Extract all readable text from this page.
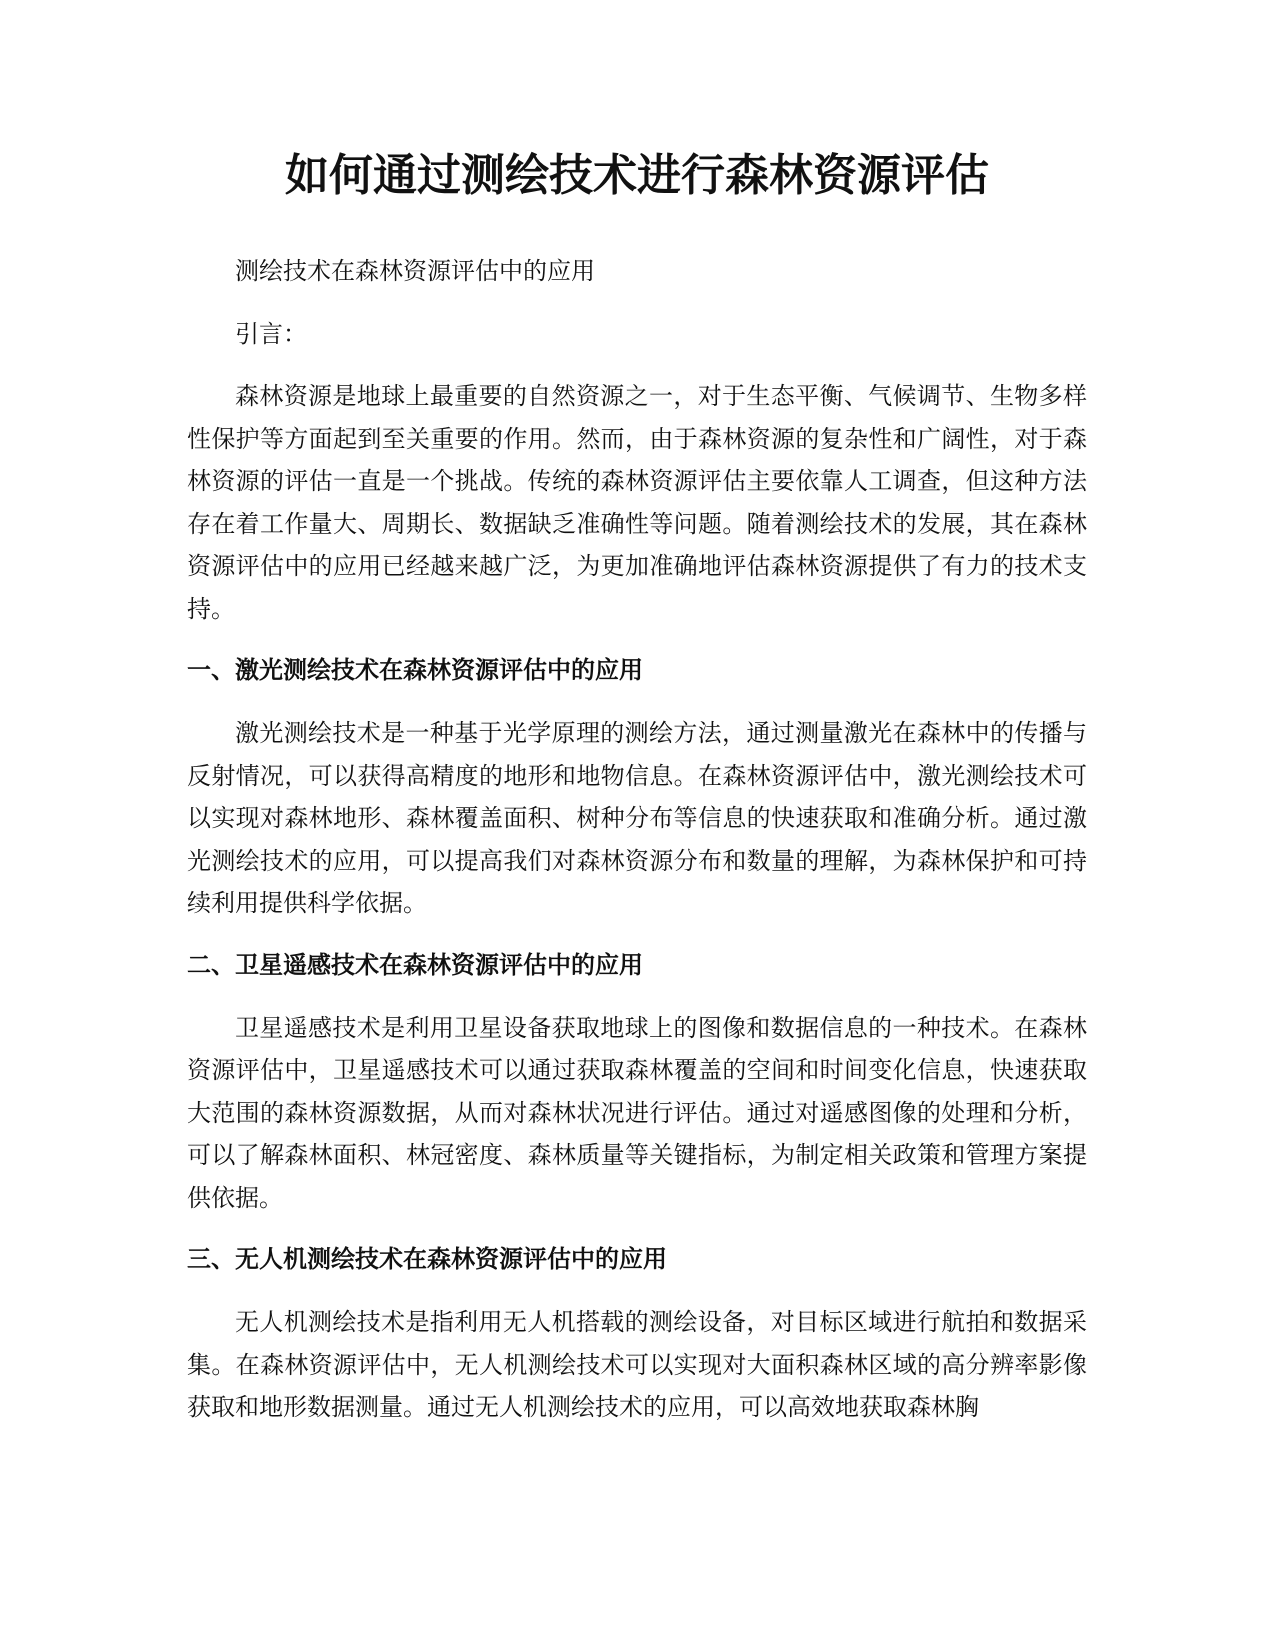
如何通过测绘技术进行森林资源评估

测绘技术在森林资源评估中的应用

引言：

森林资源是地球上最重要的自然资源之一，对于生态平衡、气候调节、生物多样性保护等方面起到至关重要的作用。然而，由于森林资源的复杂性和广阔性，对于森林资源的评估一直是一个挑战。传统的森林资源评估主要依靠人工调查，但这种方法存在着工作量大、周期长、数据缺乏准确性等问题。随着测绘技术的发展，其在森林资源评估中的应用已经越来越广泛，为更加准确地评估森林资源提供了有力的技术支持。

一、激光测绘技术在森林资源评估中的应用

激光测绘技术是一种基于光学原理的测绘方法，通过测量激光在森林中的传播与反射情况，可以获得高精度的地形和地物信息。在森林资源评估中，激光测绘技术可以实现对森林地形、森林覆盖面积、树种分布等信息的快速获取和准确分析。通过激光测绘技术的应用，可以提高我们对森林资源分布和数量的理解，为森林保护和可持续利用提供科学依据。

二、卫星遥感技术在森林资源评估中的应用

卫星遥感技术是利用卫星设备获取地球上的图像和数据信息的一种技术。在森林资源评估中，卫星遥感技术可以通过获取森林覆盖的空间和时间变化信息，快速获取大范围的森林资源数据，从而对森林状况进行评估。通过对遥感图像的处理和分析，可以了解森林面积、林冠密度、森林质量等关键指标，为制定相关政策和管理方案提供依据。

三、无人机测绘技术在森林资源评估中的应用

无人机测绘技术是指利用无人机搭载的测绘设备，对目标区域进行航拍和数据采集。在森林资源评估中，无人机测绘技术可以实现对大面积森林区域的高分辨率影像获取和地形数据测量。通过无人机测绘技术的应用，可以高效地获取森林胸
